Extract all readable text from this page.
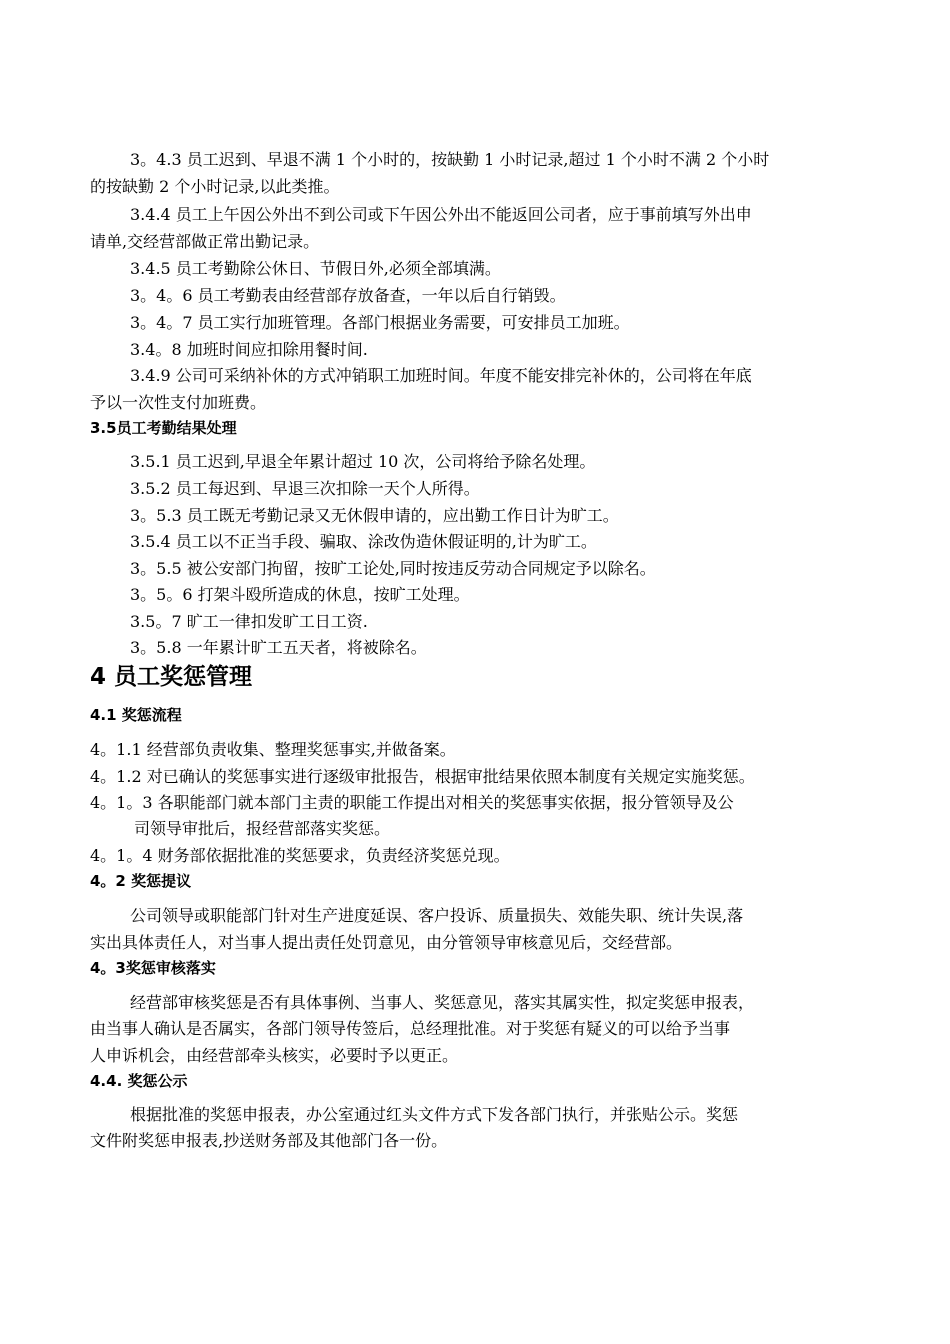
3。4.3 员工迟到、早退不满 1 个小时的，按缺勤 1 小时记录,超过 1 个小时不满 2 个小时
的按缺勤 2 个小时记录,以此类推。
3.4.4 员工上午因公外出不到公司或下午因公外出不能返回公司者，应于事前填写外出申
请单,交经营部做正常出勤记录。
3.4.5 员工考勤除公休日、节假日外,必须全部填满。
3。4。6 员工考勤表由经营部存放备查，一年以后自行销毁。
3。4。7 员工实行加班管理。各部门根据业务需要，可安排员工加班。
3.4。8 加班时间应扣除用餐时间.
3.4.9 公司可采纳补休的方式冲销职工加班时间。年度不能安排完补休的，公司将在年底
予以一次性支付加班费。
3.5员工考勤结果处理
3.5.1 员工迟到,早退全年累计超过 10 次，公司将给予除名处理。
3.5.2 员工每迟到、早退三次扣除一天个人所得。
3。5.3 员工既无考勤记录又无休假申请的，应出勤工作日计为旷工。
3.5.4 员工以不正当手段、骗取、涂改伪造休假证明的,计为旷工。
3。5.5 被公安部门拘留，按旷工论处,同时按违反劳动合同规定予以除名。
3。5。6 打架斗殴所造成的休息，按旷工处理。
3.5。7 旷工一律扣发旷工日工资.
3。5.8 一年累计旷工五天者，将被除名。
4 员工奖惩管理
4.1 奖惩流程
4。1.1 经营部负责收集、整理奖惩事实,并做备案。
4。1.2 对已确认的奖惩事实进行逐级审批报告，根据审批结果依照本制度有关规定实施奖惩。
4。1。3 各职能部门就本部门主责的职能工作提出对相关的奖惩事实依据，报分管领导及公
司领导审批后，报经营部落实奖惩。
4。1。4 财务部依据批准的奖惩要求，负责经济奖惩兑现。
4。2 奖惩提议
公司领导或职能部门针对生产进度延误、客户投诉、质量损失、效能失职、统计失误,落
实出具体责任人，对当事人提出责任处罚意见，由分管领导审核意见后，交经营部。
4。3奖惩审核落实
经营部审核奖惩是否有具体事例、当事人、奖惩意见，落实其属实性，拟定奖惩申报表，
由当事人确认是否属实，各部门领导传签后，总经理批准。对于奖惩有疑义的可以给予当事
人申诉机会，由经营部牵头核实，必要时予以更正。
4.4. 奖惩公示
根据批准的奖惩申报表，办公室通过红头文件方式下发各部门执行，并张贴公示。奖惩
文件附奖惩申报表,抄送财务部及其他部门各一份。
